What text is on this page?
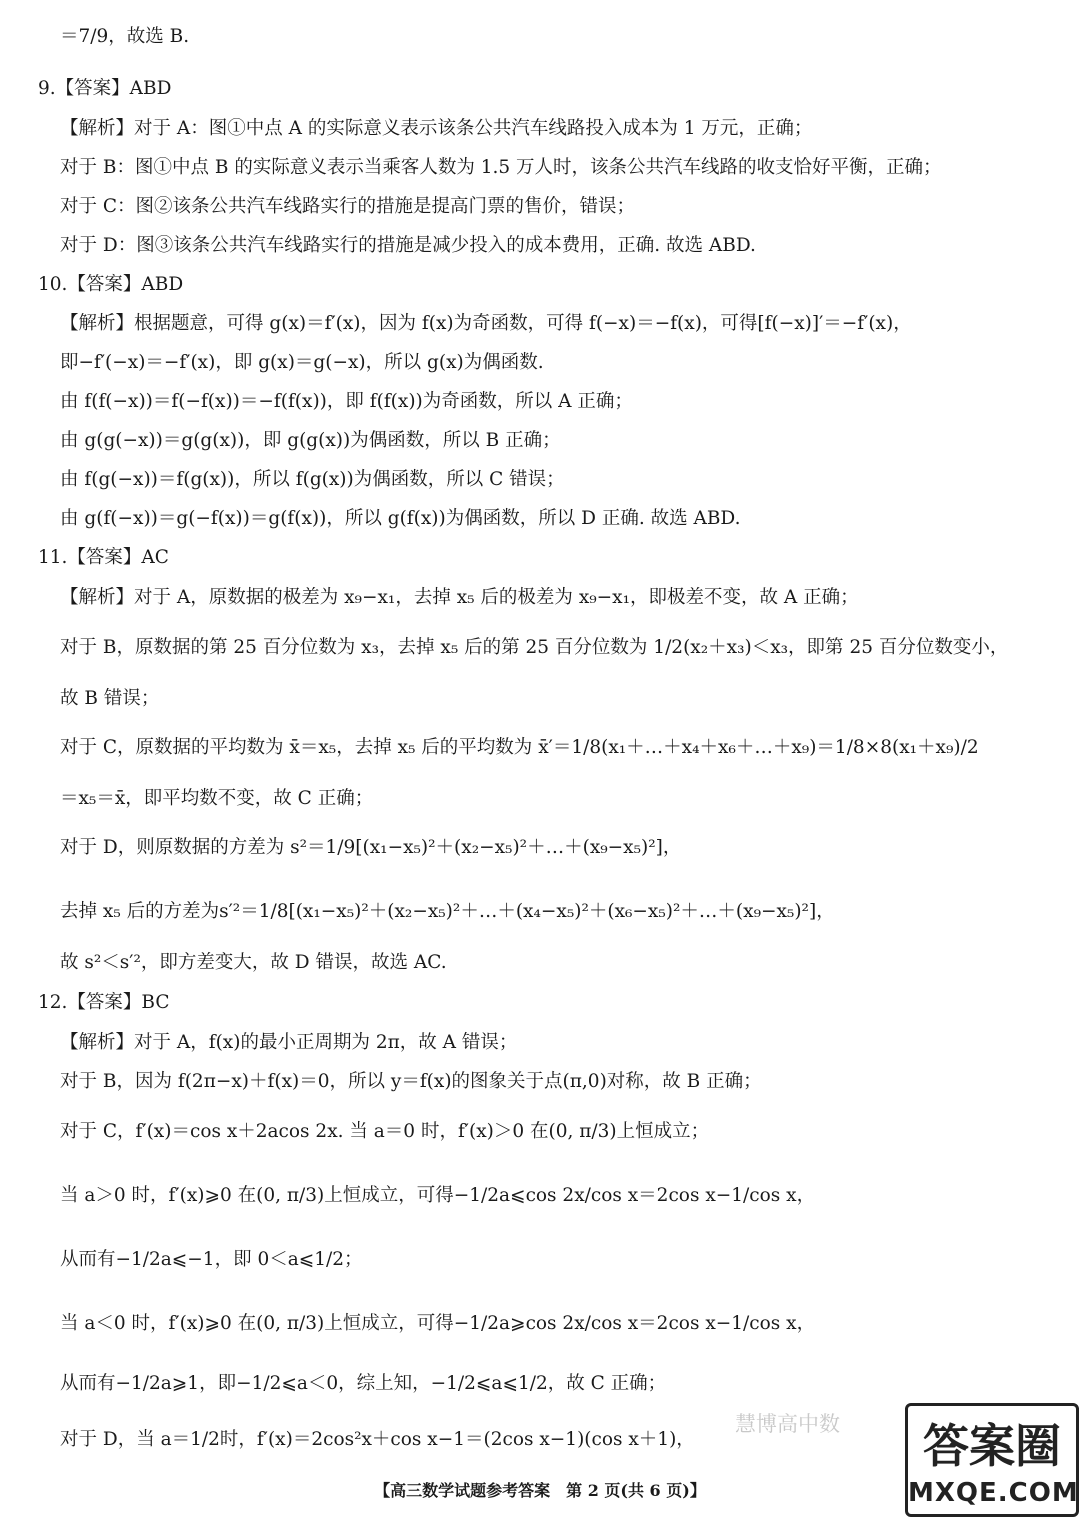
＝7/9，故选 B.
9.【答案】ABD
【解析】对于 A：图①中点 A 的实际意义表示该条公共汽车线路投入成本为 1 万元，正确；
对于 B：图①中点 B 的实际意义表示当乘客人数为 1.5 万人时，该条公共汽车线路的收支恰好平衡，正确；
对于 C：图②该条公共汽车线路实行的措施是提高门票的售价，错误；
对于 D：图③该条公共汽车线路实行的措施是减少投入的成本费用，正确. 故选 ABD.
10.【答案】ABD
【解析】根据题意，可得 g(x)＝f′(x)，因为 f(x)为奇函数，可得 f(−x)＝−f(x)，可得[f(−x)]′＝−f′(x)，
即−f′(−x)＝−f′(x)，即 g(x)＝g(−x)，所以 g(x)为偶函数.
由 f(f(−x))＝f(−f(x))＝−f(f(x))，即 f(f(x))为奇函数，所以 A 正确；
由 g(g(−x))＝g(g(x))，即 g(g(x))为偶函数，所以 B 正确；
由 f(g(−x))＝f(g(x))，所以 f(g(x))为偶函数，所以 C 错误；
由 g(f(−x))＝g(−f(x))＝g(f(x))，所以 g(f(x))为偶函数，所以 D 正确. 故选 ABD.
11.【答案】AC
【解析】对于 A，原数据的极差为 x₉−x₁，去掉 x₅ 后的极差为 x₉−x₁，即极差不变，故 A 正确；
对于 B，原数据的第 25 百分位数为 x₃，去掉 x₅ 后的第 25 百分位数为 1/2(x₂＋x₃)＜x₃，即第 25 百分位数变小，
故 B 错误；
对于 C，原数据的平均数为 x̄＝x₅，去掉 x₅ 后的平均数为 x̄′＝1/8(x₁＋…＋x₄＋x₆＋…＋x₉)＝1/8×8(x₁＋x₉)/2
＝x₅＝x̄，即平均数不变，故 C 正确；
对于 D，则原数据的方差为 s²＝1/9[(x₁−x₅)²＋(x₂−x₅)²＋…＋(x₉−x₅)²]，
去掉 x₅ 后的方差为s′²＝1/8[(x₁−x₅)²＋(x₂−x₅)²＋…＋(x₄−x₅)²＋(x₆−x₅)²＋…＋(x₉−x₅)²]，
故 s²＜s′²，即方差变大，故 D 错误，故选 AC.
12.【答案】BC
【解析】对于 A，f(x)的最小正周期为 2π，故 A 错误；
对于 B，因为 f(2π−x)＋f(x)＝0，所以 y＝f(x)的图象关于点(π,0)对称，故 B 正确；
对于 C，f′(x)＝cos x＋2acos 2x. 当 a＝0 时，f′(x)＞0 在(0, π/3)上恒成立；
当 a＞0 时，f′(x)⩾0 在(0, π/3)上恒成立，可得−1/2a⩽cos 2x/cos x＝2cos x−1/cos x，
从而有−1/2a⩽−1，即 0＜a⩽1/2；
当 a＜0 时，f′(x)⩾0 在(0, π/3)上恒成立，可得−1/2a⩾cos 2x/cos x＝2cos x−1/cos x，
从而有−1/2a⩾1，即−1/2⩽a＜0，综上知，−1/2⩽a⩽1/2，故 C 正确；
对于 D，当 a＝1/2时，f′(x)＝2cos²x＋cos x−1＝(2cos x−1)(cos x＋1)，
慧博高中数	答案圈
MXQE.COM
【高三数学试题参考答案　第 2 页(共 6 页)】
